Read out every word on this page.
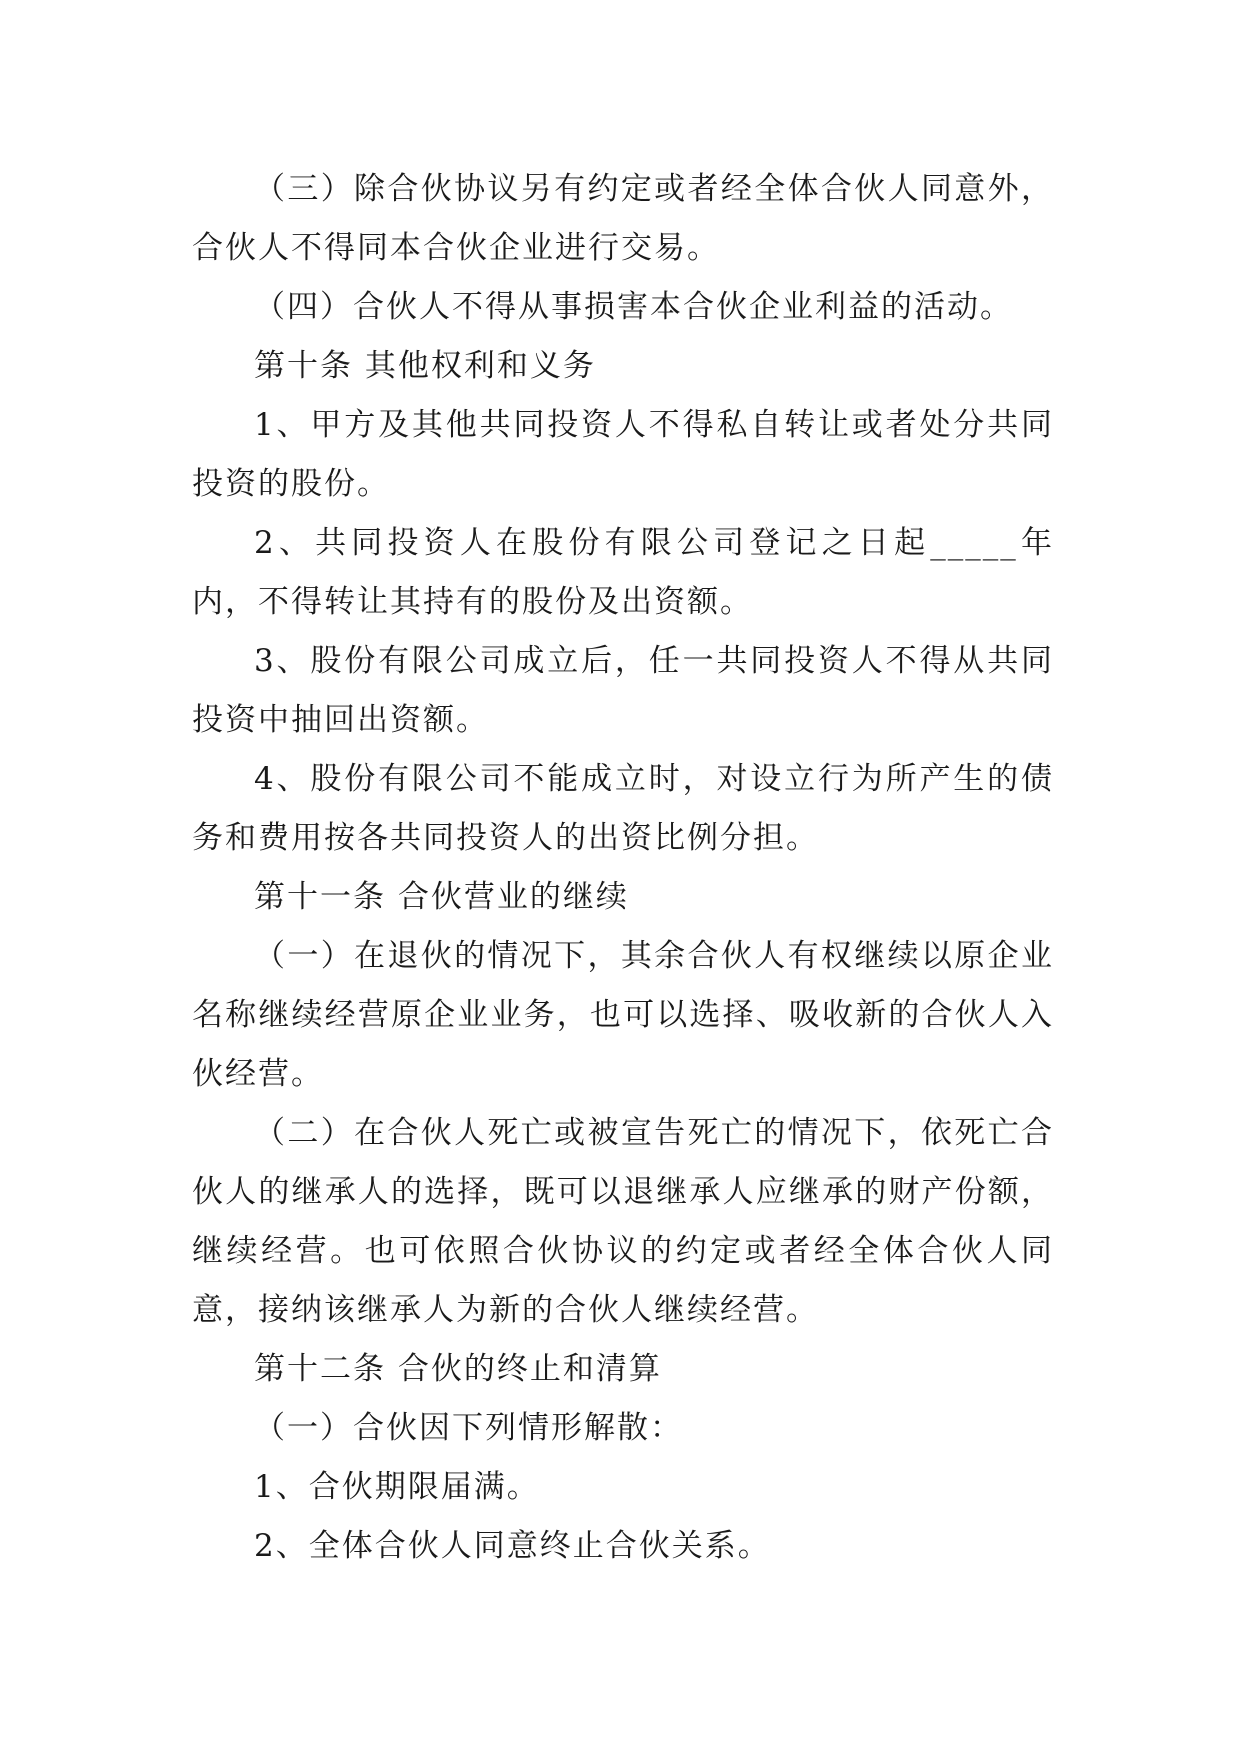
（三）除合伙协议另有约定或者经全体合伙人同意外，合伙人不得同本合伙企业进行交易。

（四）合伙人不得从事损害本合伙企业利益的活动。

第十条 其他权利和义务

1、甲方及其他共同投资人不得私自转让或者处分共同投资的股份。

2、共同投资人在股份有限公司登记之日起_____年内，不得转让其持有的股份及出资额。

3、股份有限公司成立后，任一共同投资人不得从共同投资中抽回出资额。

4、股份有限公司不能成立时，对设立行为所产生的债务和费用按各共同投资人的出资比例分担。

第十一条 合伙营业的继续

（一）在退伙的情况下，其余合伙人有权继续以原企业名称继续经营原企业业务，也可以选择、吸收新的合伙人入伙经营。

（二）在合伙人死亡或被宣告死亡的情况下，依死亡合伙人的继承人的选择，既可以退继承人应继承的财产份额，继续经营。也可依照合伙协议的约定或者经全体合伙人同意，接纳该继承人为新的合伙人继续经营。

第十二条 合伙的终止和清算

（一）合伙因下列情形解散：

1、合伙期限届满。

2、全体合伙人同意终止合伙关系。
